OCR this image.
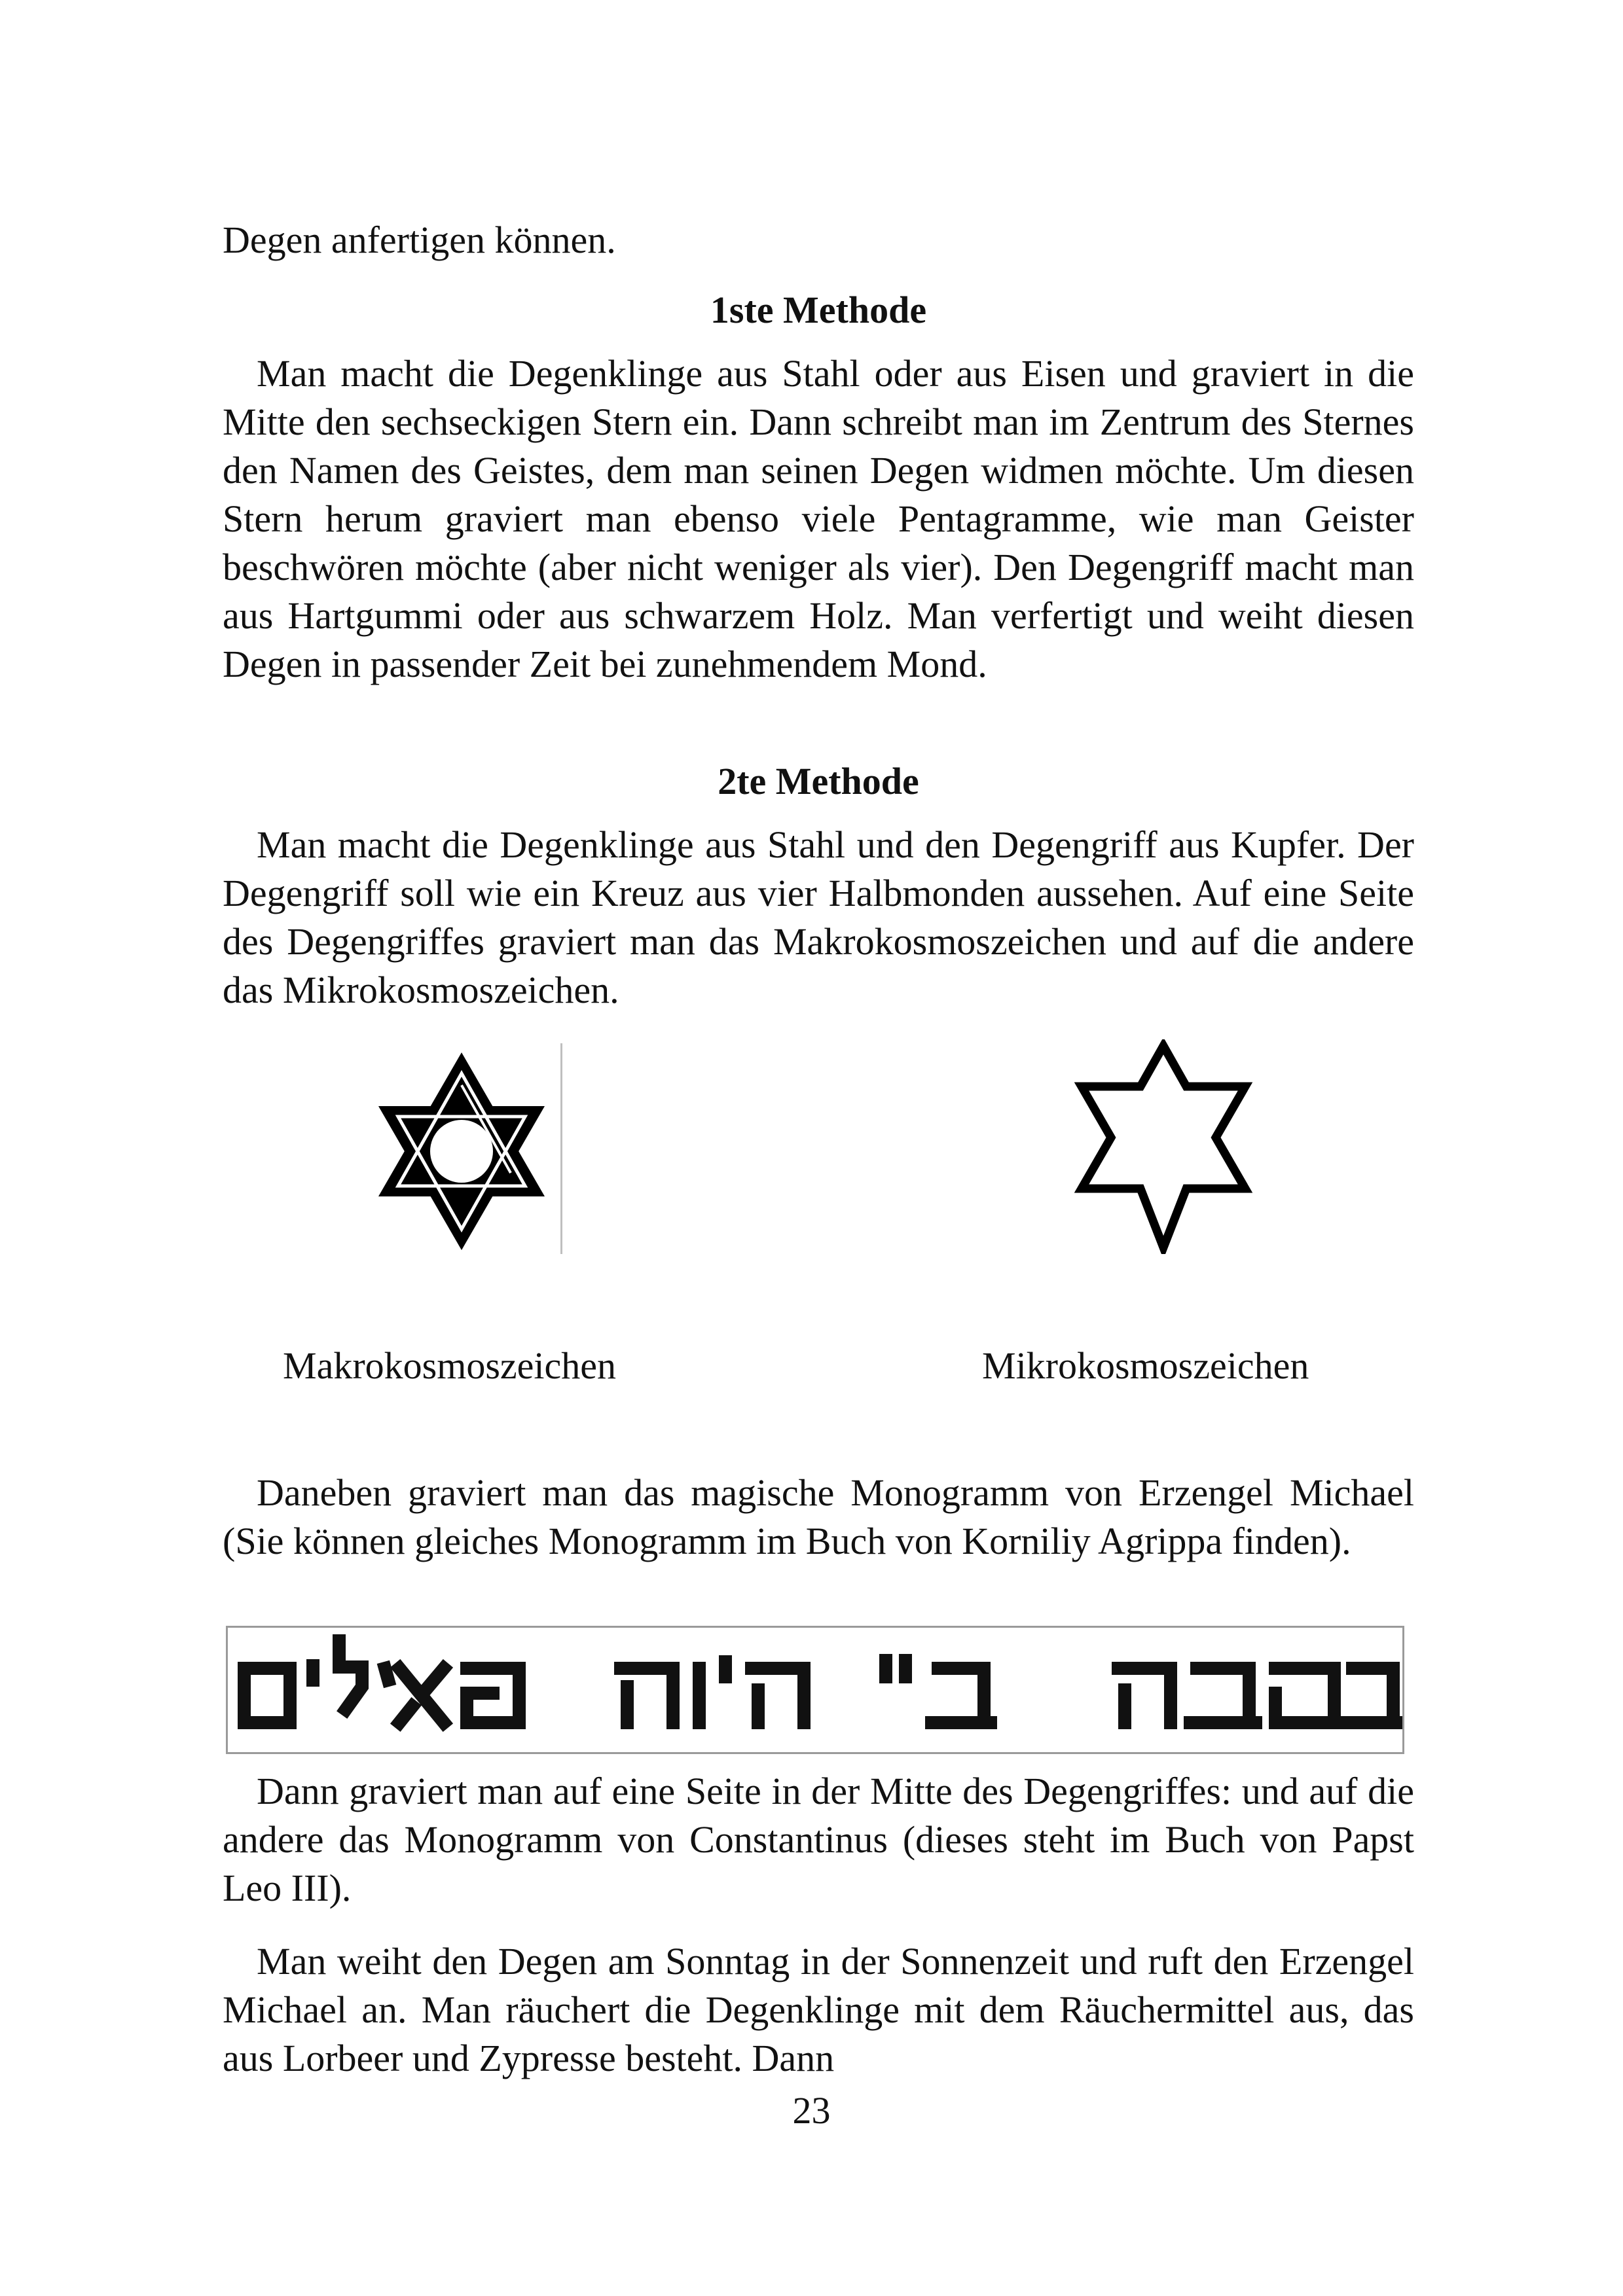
Degen anfertigen können.

1ste Methode

Man macht die Degenklinge aus Stahl oder aus Eisen und graviert in die Mitte den sechseckigen Stern ein. Dann schreibt man im Zentrum des Sternes den Namen des Geistes, dem man seinen Degen widmen möchte. Um diesen Stern herum graviert man ebenso viele Pentagramme, wie man Geister beschwören möchte (aber nicht weniger als vier). Den Degengriff macht man aus Hartgummi oder aus schwarzem Holz. Man verfertigt und weiht diesen Degen in passender Zeit bei zunehmendem Mond.

2te Methode

Man macht die Degenklinge aus Stahl und den Degengriff aus Kupfer. Der Degengriff soll wie ein Kreuz aus vier Halbmonden aussehen. Auf eine Seite des Degengriffes graviert man das Makrokosmoszeichen und auf die andere das Mikrokosmoszeichen.

Makrokosmoszeichen	Mikrokosmoszeichen

Daneben graviert man das magische Monogramm von Erzengel Michael (Sie können gleiches Monogramm im Buch von Korniliy Agrippa finden).

Dann graviert man auf eine Seite in der Mitte des Degengriffes: und auf die andere das Monogramm von Constantinus (dieses steht im Buch von Papst Leo III).

Man weiht den Degen am Sonntag in der Sonnenzeit und ruft den Erzengel Michael an. Man räuchert die Degenklinge mit dem Räuchermittel aus, das aus Lorbeer und Zypresse besteht. Dann

23
